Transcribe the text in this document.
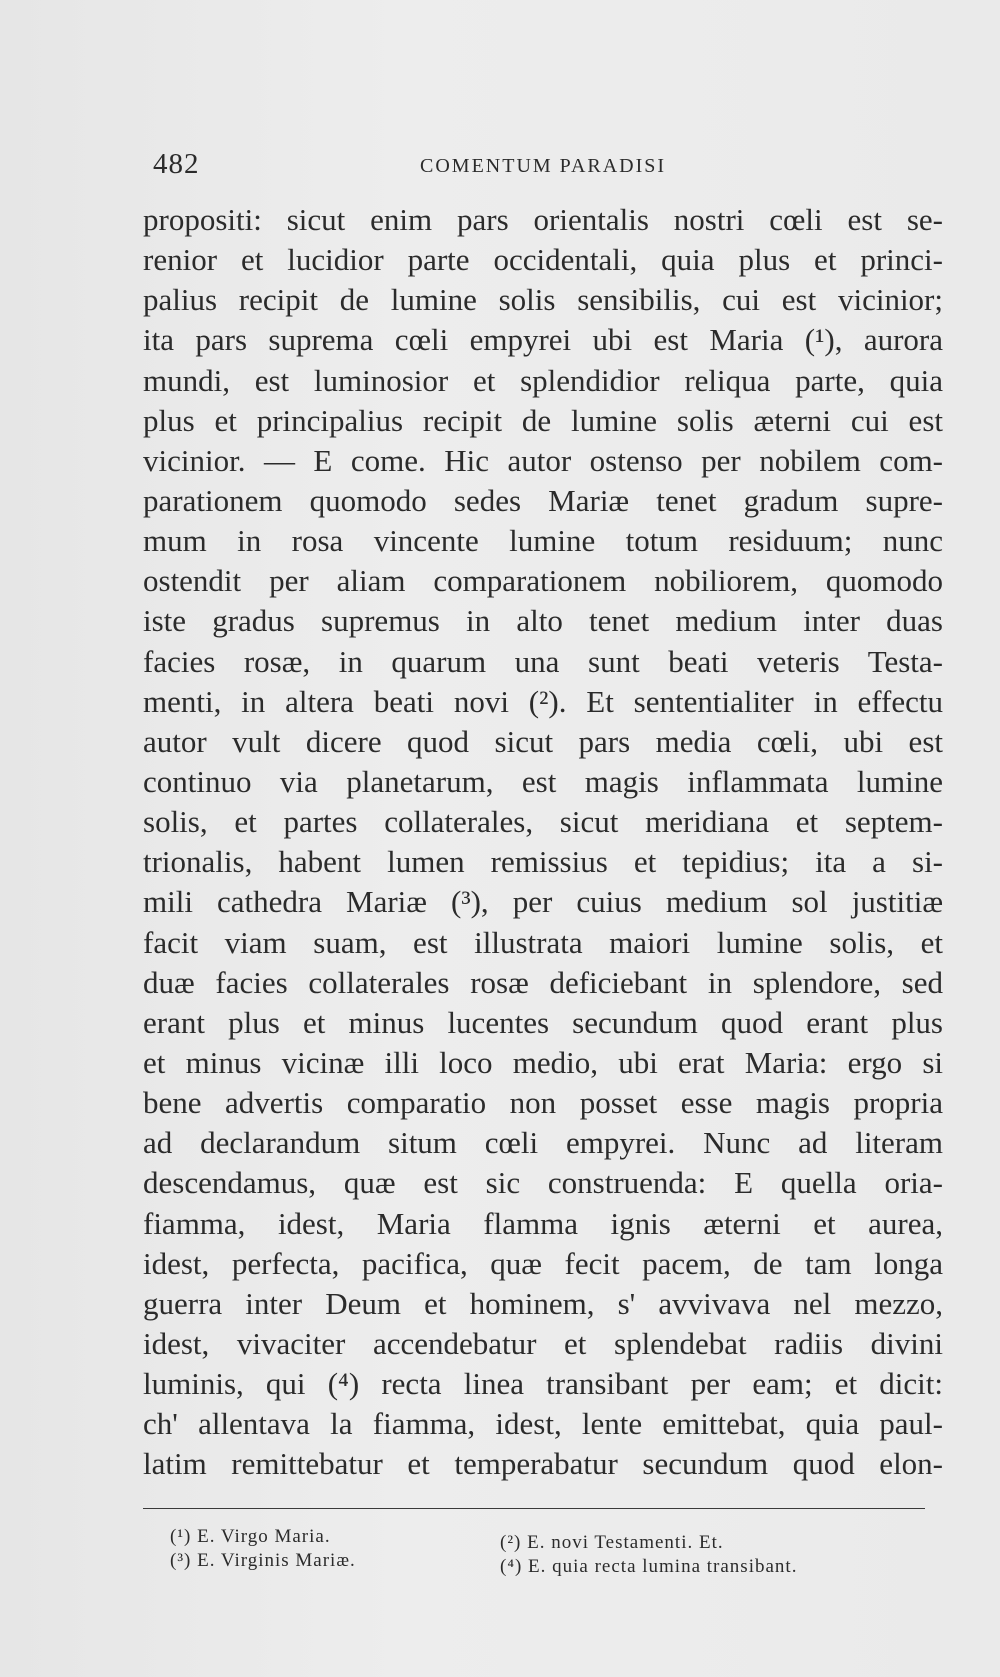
482	COMENTUM PARADISI
propositi: sicut enim pars orientalis nostri cœli est se-
renior et lucidior parte occidentali, quia plus et princi-
palius recipit de lumine solis sensibilis, cui est vicinior;
ita pars suprema cœli empyrei ubi est Maria (¹), aurora
mundi, est luminosior et splendidior reliqua parte, quia
plus et principalius recipit de lumine solis æterni cui est
vicinior. — E come. Hic autor ostenso per nobilem com-
parationem quomodo sedes Mariæ tenet gradum supre-
mum in rosa vincente lumine totum residuum; nunc
ostendit per aliam comparationem nobiliorem, quomodo
iste gradus supremus in alto tenet medium inter duas
facies rosæ, in quarum una sunt beati veteris Testa-
menti, in altera beati novi (²). Et sententialiter in effectu
autor vult dicere quod sicut pars media cœli, ubi est
continuo via planetarum, est magis inflammata lumine
solis, et partes collaterales, sicut meridiana et septem-
trionalis, habent lumen remissius et tepidius; ita a si-
mili cathedra Mariæ (³), per cuius medium sol justitiæ
facit viam suam, est illustrata maiori lumine solis, et
duæ facies collaterales rosæ deficiebant in splendore, sed
erant plus et minus lucentes secundum quod erant plus
et minus vicinæ illi loco medio, ubi erat Maria: ergo si
bene advertis comparatio non posset esse magis propria
ad declarandum situm cœli empyrei. Nunc ad literam
descendamus, quæ est sic construenda: E quella oria-
fiamma, idest, Maria flamma ignis æterni et aurea,
idest, perfecta, pacifica, quæ fecit pacem, de tam longa
guerra inter Deum et hominem, s' avvivava nel mezzo,
idest, vivaciter accendebatur et splendebat radiis divini
luminis, qui (⁴) recta linea transibant per eam; et dicit:
ch' allentava la fiamma, idest, lente emittebat, quia paul-
latim remittebatur et temperabatur secundum quod elon-
(¹) E. Virgo Maria.	(²) E. novi Testamenti. Et.
(³) E. Virginis Mariæ.	(⁴) E. quia recta lumina transibant.
